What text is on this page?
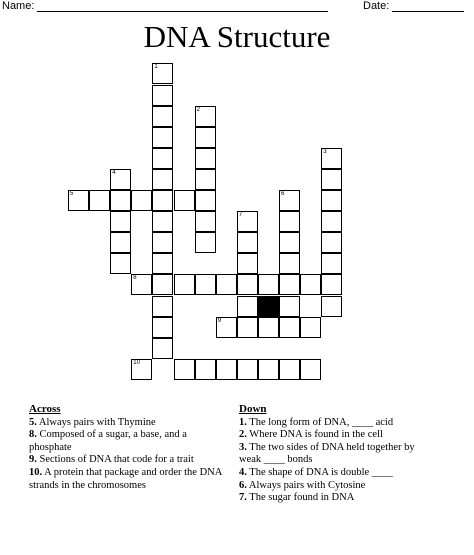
Name:	Date:
DNA Structure
1
2
3
4
5	6
7
8
9
10
Across
5. Always pairs with Thymine
8. Composed of a sugar, a base, and a phosphate
9. Sections of DNA that code for a trait
10. A protein that package and order the DNA strands in the chromosomes
Down
1. The long form of DNA, ____ acid
2. Where DNA is found in the cell
3. The two sides of DNA held together by weak ____ bonds
4. The shape of DNA is double ____
6. Always pairs with Cytosine
7. The sugar found in DNA
